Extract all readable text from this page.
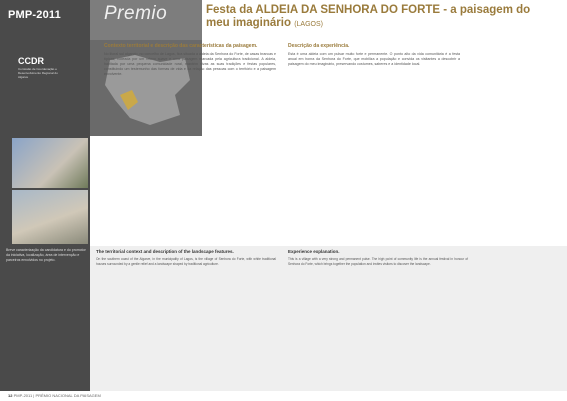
PMP-2011 Premio	Festa da ALDEIA DA SENHORA DO FORTE - a paisagem do meu imaginário (LAGOS)
CCDR
Comissão de Coordenação e Desenvolvimento Regional do Algarve
Breve caracterização da candidatura e do promotor da iniciativa, localização, área de intervenção e parceiros envolvidos no projeto.
Contexto territorial e descrição das características da paisagem.
No litoral sul algarvio, no concelho de Lagos, fica situada a aldeia da Senhora do Forte, de casas brancas e típicas, rodeada por um relevo suave e uma paisagem marcada pela agricultura tradicional. A aldeia, habitada por uma pequena comunidade rural, mantém vivas as suas tradições e festas populares, constituindo um testemunho das formas de vida e da relação das pessoas com o território e a paisagem envolvente.
Descrição da experiência.
Esta é uma aldeia com um pulsar muito forte e permanente. O ponto alto da vida comunitária é a festa anual em honra da Senhora do Forte, que mobiliza a população e convida os visitantes a descobrir a paisagem do meu imaginário, preservando costumes, saberes e a identidade local.
The territorial context and description of the landscape features.
On the southern coast of the Algarve, in the municipality of Lagos, is the village of Senhora do Forte, with white traditional houses surrounded by a gentle relief and a landscape shaped by traditional agriculture.
Experience explanation.
This is a village with a very strong and permanent pulse. The high point of community life is the annual festival in honour of Senhora do Forte, which brings together the population and invites visitors to discover the landscape.
12 PMP-2011 | PRÉMIO NACIONAL DA PAISAGEM
